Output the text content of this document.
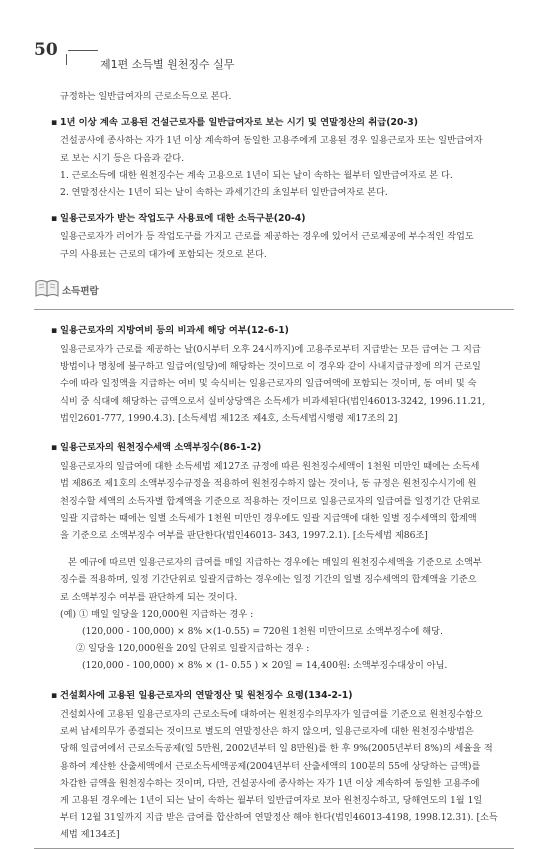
50
제1편 소득별 원천징수 실무

규정하는 일반급여자의 근로소득으로 본다.

▪ 1년 이상 계속 고용된 건설근로자를 일반급여자로 보는 시기 및 연말정산의 취급(20-3)

건설공사에 종사하는 자가 1년 이상 계속하여 동일한 고용주에게 고용된 경우 일용근로자 또는 일반급여자

로 보는 시기 등은 다음과 같다.

1. 근로소득에 대한 원천징수는 계속 고용으로 1년이 되는 날이 속하는 월부터 일반급여자로 본 다.

2. 연말정산시는 1년이 되는 날이 속하는 과세기간의 초일부터 일반급여자로 본다.

▪ 일용근로자가 받는 작업도구 사용료에 대한 소득구분(20-4)

일용근로자가 러어가 등 작업도구를 가지고 근로를 제공하는 경우에 있어서 근로제공에 부수적인 작업도

구의 사용료는 근로의 대가에 포함되는 것으로 본다.

소득편람
▪ 일용근로자의 지방여비 등의 비과세 해당 여부(12-6-1)

일용근로자가 근로를 제공하는 날(0시부터 오후 24시까지)에 고용주로부터 지급받는 모든 급여는 그 지급

방법이나 명칭에 불구하고 일급여(일당)에 해당하는 것이므로 이 경우와 같이 사내지급규정에 의거 근로일

수에 따라 일정액을 지급하는 여비 및 숙식비는 일용근로자의 일급여액에 포함되는 것이며, 동 여비 및 숙

식비 중 식대에 해당하는 금액으로서 실비상당액은 소득세가 비과세된다(법인46013-3242, 1996.11.21,

법인2601-777, 1990.4.3). [소득세법 제12조 제4호, 소득세법시행령 제17조의 2]

▪ 일용근로자의 원천징수세액 소액부징수(86-1-2)

일용근로자의 일급여에 대한 소득세법 제127조 규정에 따른 원천징수세액이 1천원 미만인 때에는 소득세

법 제86조 제1호의 소액부징수규정을 적용하여 원천징수하지 않는 것이나, 동 규정은 원천징수시기에 원

천징수할 세액의 소득자별 합계액을 기준으로 적용하는 것이므로 일용근로자의 일급여를 일정기간 단위로

일괄 지급하는 때에는 일별 소득세가 1천원 미만인 경우에도 일괄 지급액에 대한 일별 징수세액의 합계액

을 기준으로 소액부징수 여부를 판단한다(법인46013- 343, 1997.2.1). [소득세법 제86조]

본 예규에 따르면 일용근로자의 급여를 매일 지급하는 경우에는 매일의 원천징수세액을 기준으로 소액부

징수를 적용하며, 일정 기간단위로 일괄지급하는 경우에는 일정 기간의 일별 징수세액의 합계액을 기준으

로 소액부징수 여부를 판단하게 되는 것이다.

(예) ① 매일 일당을 120,000원 지급하는 경우 :

(120,000 - 100,000) × 8% ×(1-0.55) = 720원 1천원 미만이므로 소액부징수에 해당.

② 일당을 120,000원을 20일 단위로 일괄지급하는 경우 :

(120,000 - 100,000) × 8% × (1- 0.55 ) × 20일 = 14,400원: 소액부징수대상이 아님.

▪ 건설회사에 고용된 일용근로자의 연말정산 및 원천징수 요령(134-2-1)

건설회사에 고용된 일용근로자의 근로소득에 대하여는 원천징수의무자가 일급여를 기준으로 원천징수함으

로써 납세의무가 종결되는 것이므로 별도의 연말정산은 하지 않으며, 일용근로자에 대한 원천징수방법은

당해 일급여에서 근로소득공제(일 5만원, 2002년부터 일 8만원)를 한 후 9%(2005년부터 8%)의 세율을 적

용하여 계산한 산출세액에서 근로소득세액공제(2004년부터 산출세액의 100분의 55에 상당하는 금액)를

차감한 금액을 원천징수하는 것이며, 다만, 건설공사에 종사하는 자가 1년 이상 계속하여 동일한 고용주에

게 고용된 경우에는 1년이 되는 날이 속하는 월부터 일반급여자로 보아 원천징수하고, 당해연도의 1월 1일

부터 12월 31일까지 지급 받은 급여를 합산하여 연말정산 해야 한다(법인46013-4198, 1998.12.31). [소득

세법 제134조]
